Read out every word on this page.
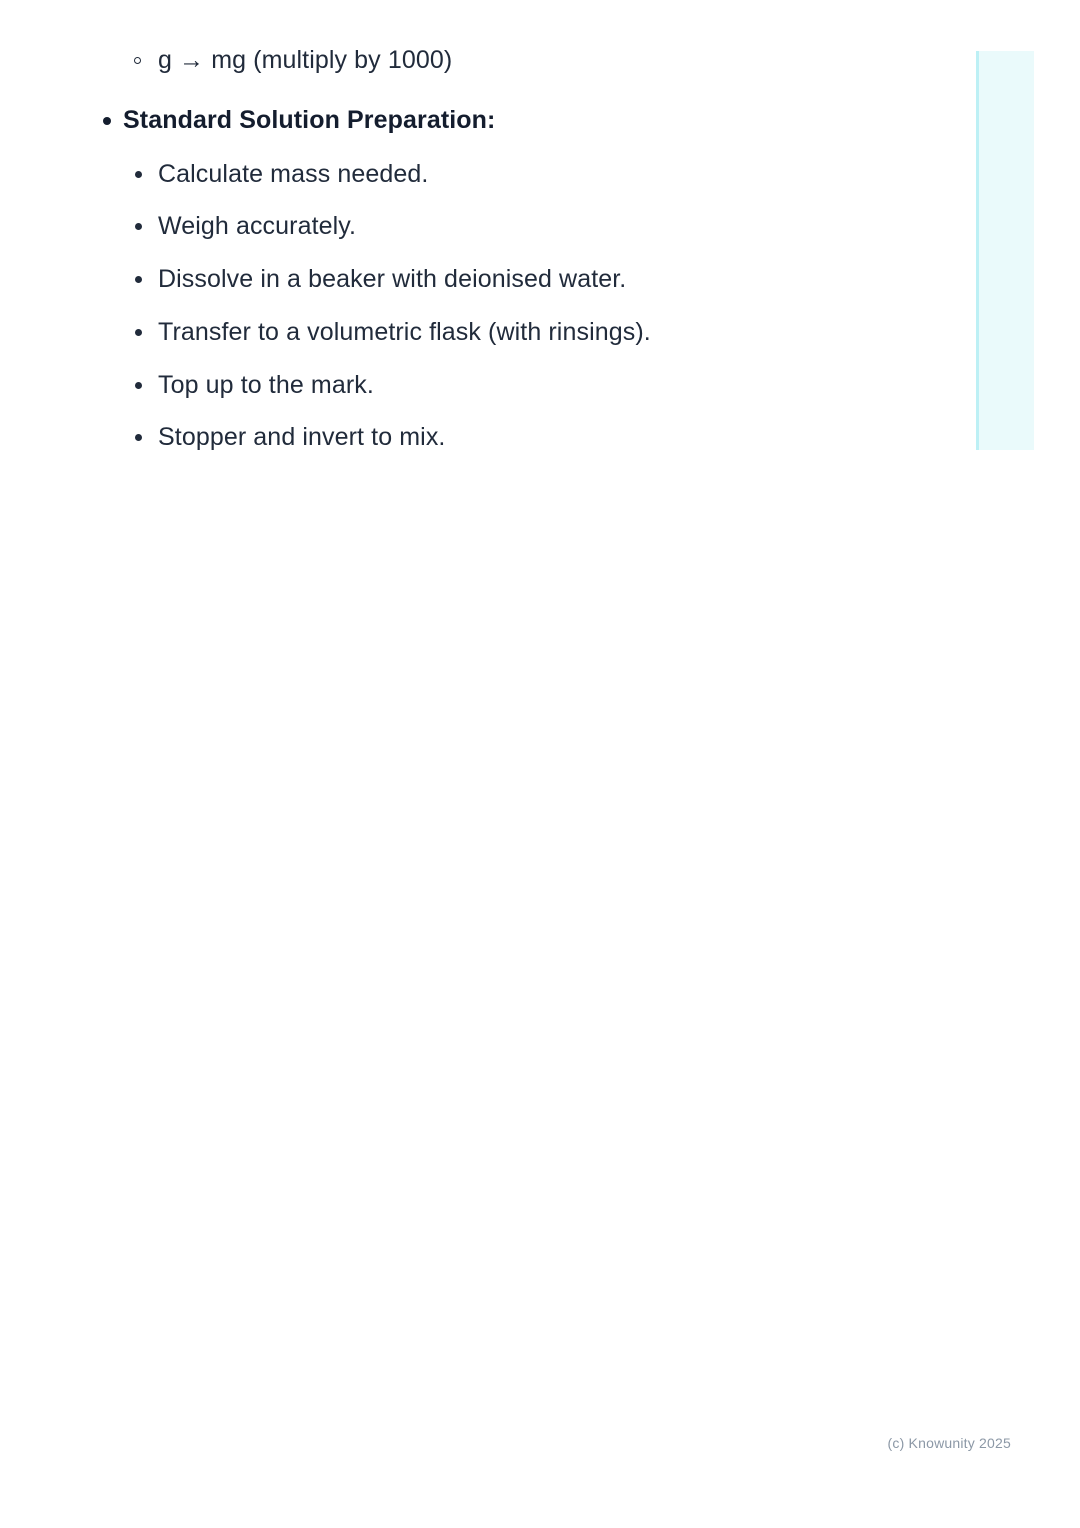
g → mg (multiply by 1000)
Standard Solution Preparation:
Calculate mass needed.
Weigh accurately.
Dissolve in a beaker with deionised water.
Transfer to a volumetric flask (with rinsings).
Top up to the mark.
Stopper and invert to mix.
(c) Knowunity 2025
